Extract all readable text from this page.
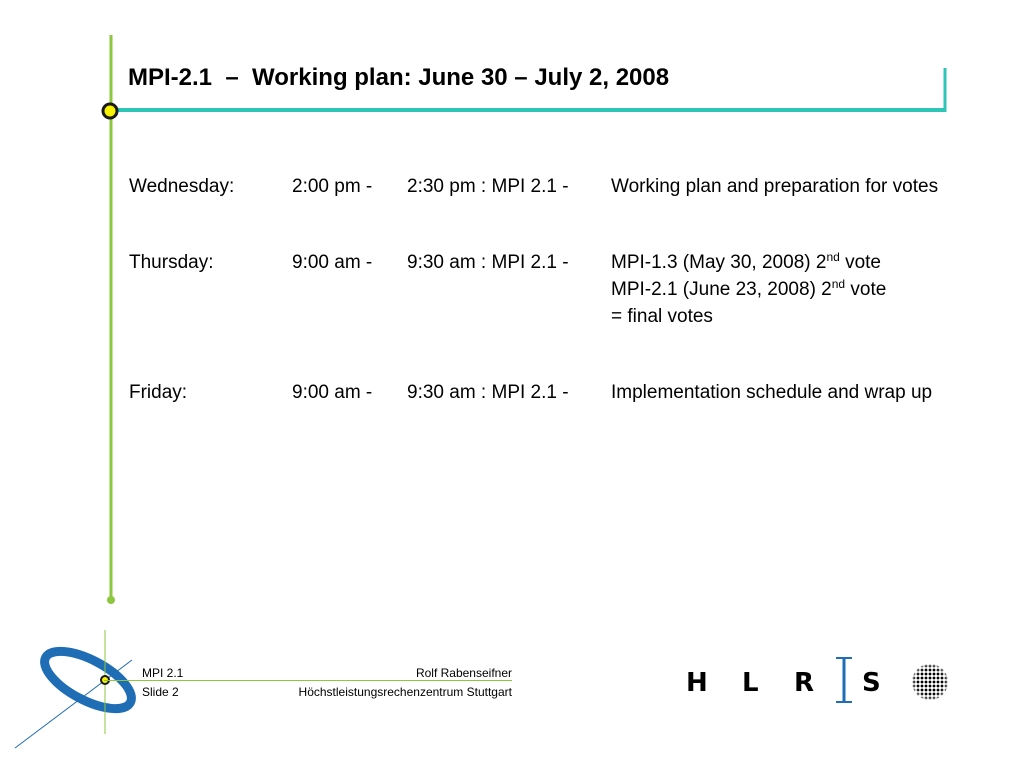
MPI-2.1  –  Working plan: June 30 – July 2, 2008
Wednesday:	2:00 pm - 2:30 pm : MPI 2.1 - Working plan and preparation for votes
Thursday:	9:00 am - 9:30 am : MPI 2.1 - MPI-1.3 (May 30, 2008) 2nd vote
MPI-2.1 (June 23, 2008) 2nd vote
= final votes
Friday:	9:00 am - 9:30 am : MPI 2.1 - Implementation schedule and wrap up
MPI 2.1
Slide 2
Rolf Rabenseifner
Höchstleistungsrechenzentrum Stuttgart	H L R S
